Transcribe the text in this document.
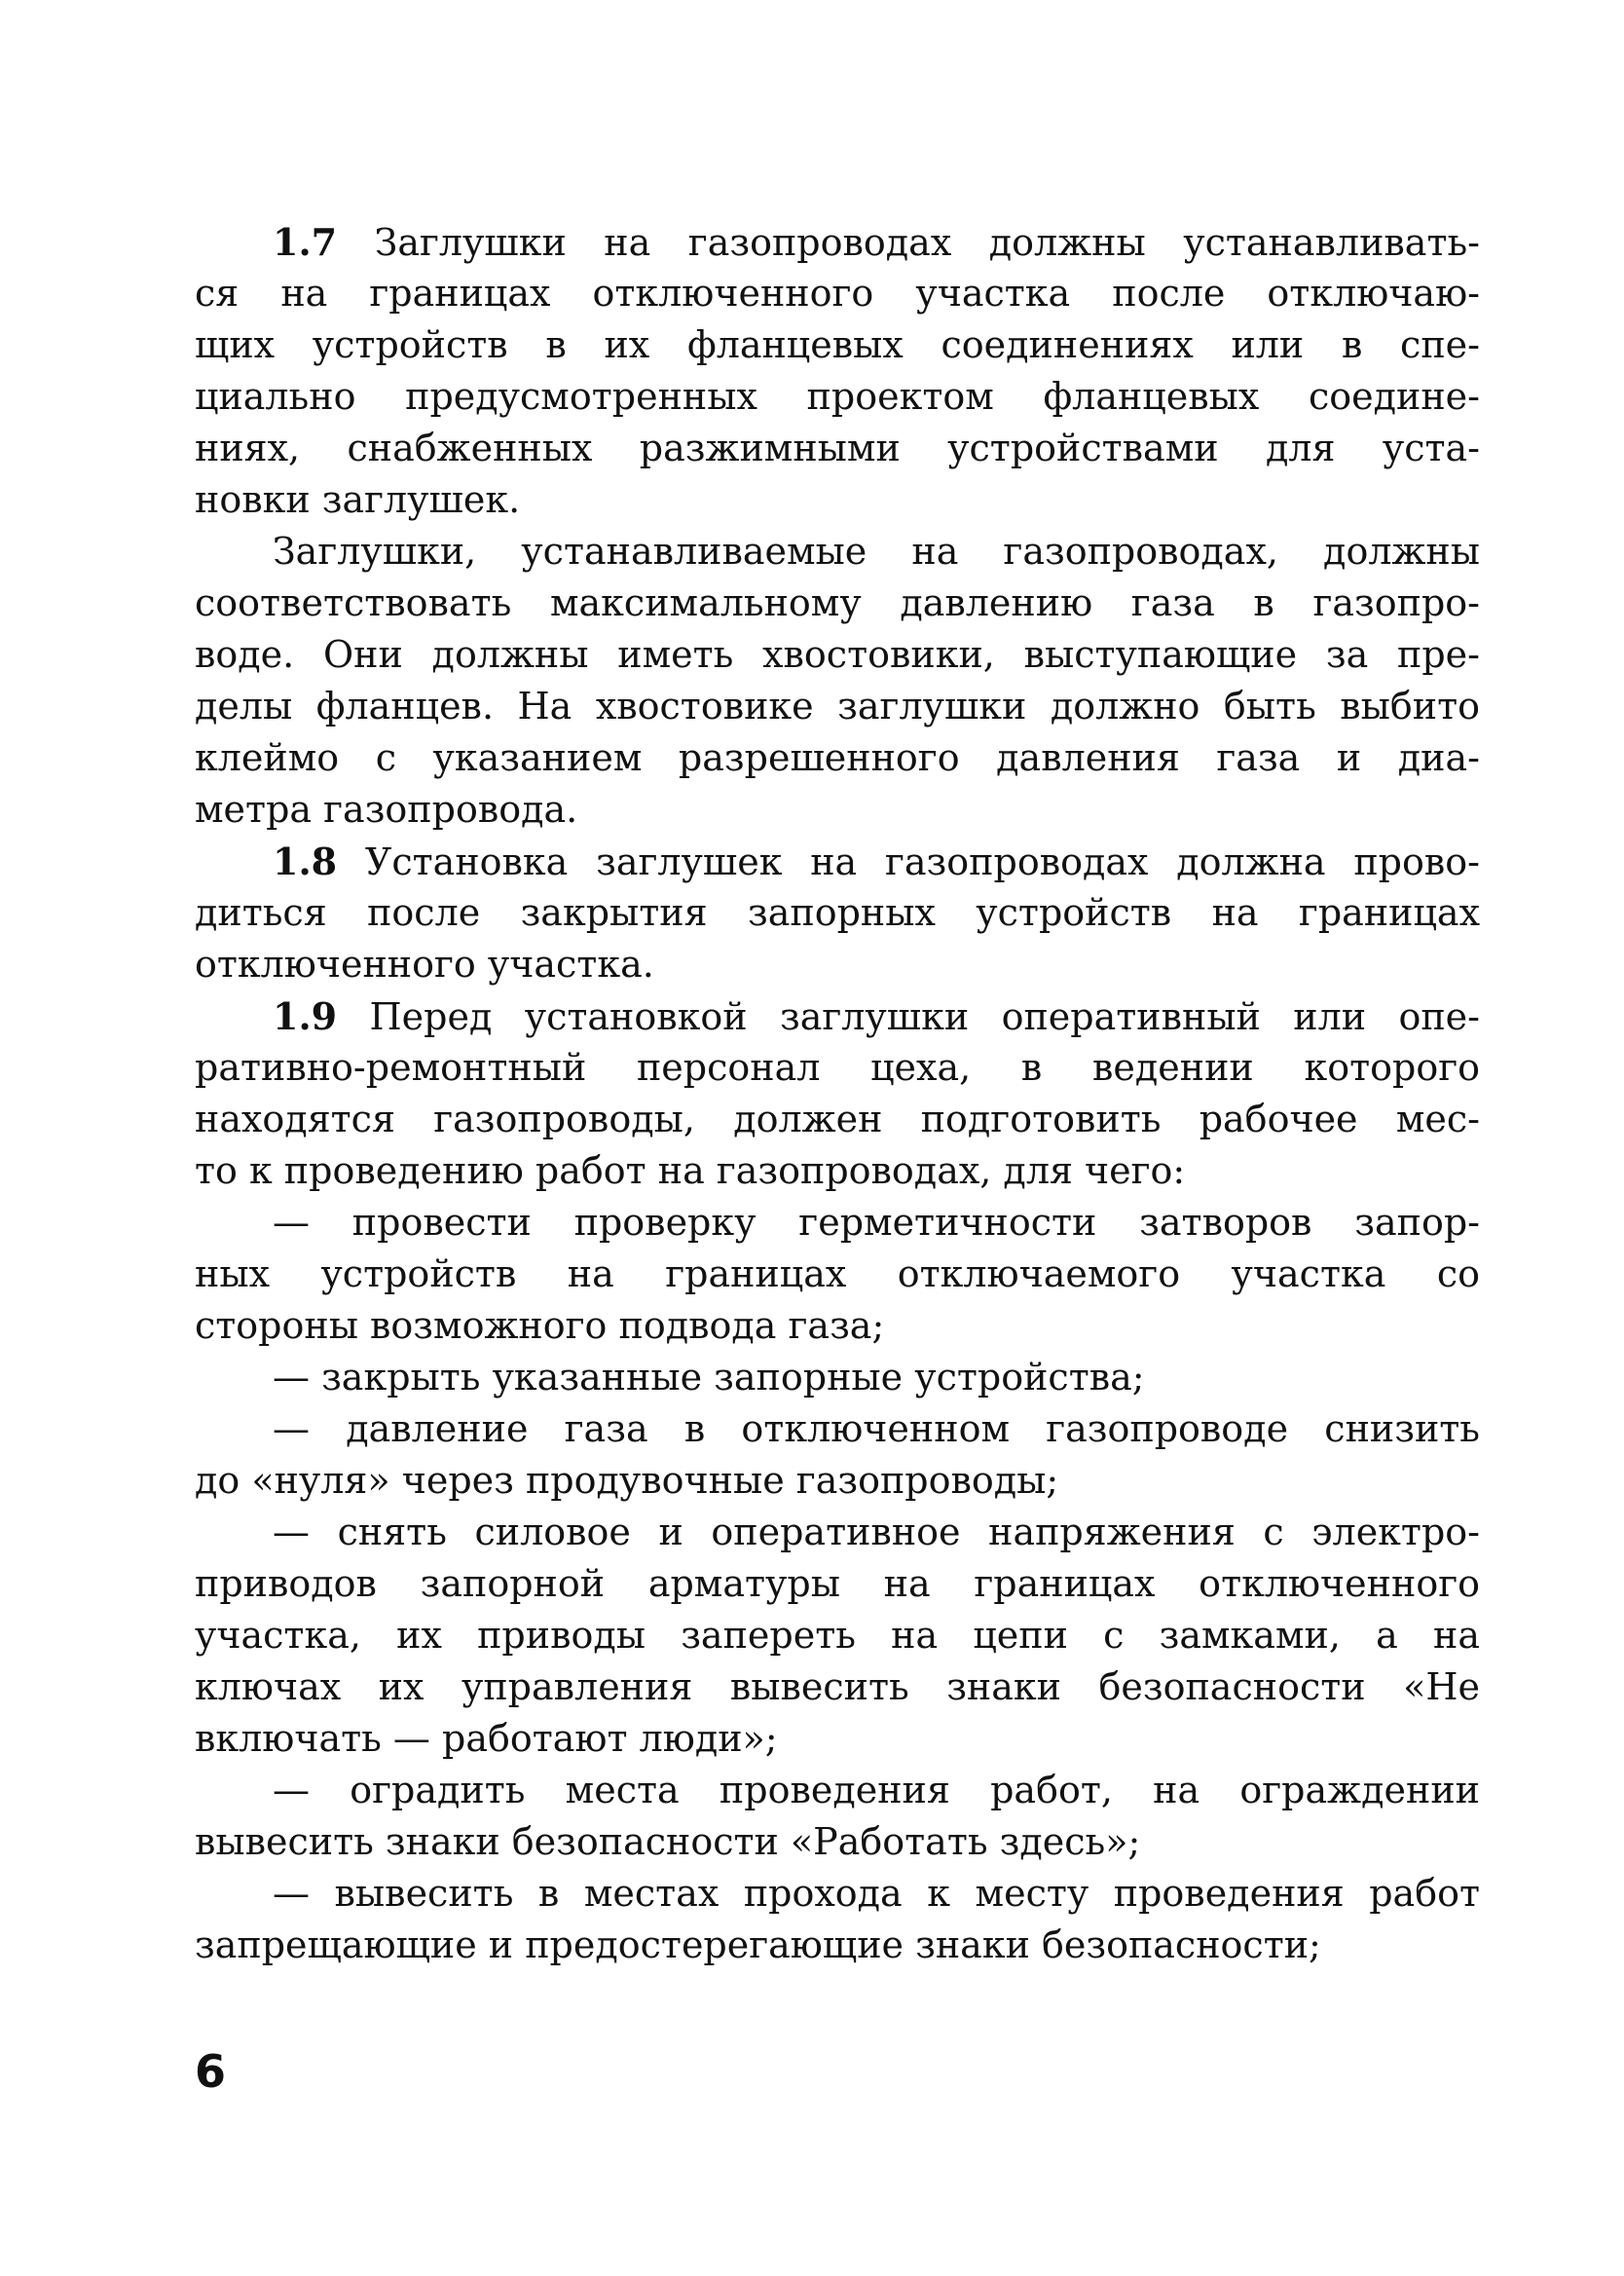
1.7 Заглушки на газопроводах должны устанавливать-
ся на границах отключенного участка после отключаю-
щих устройств в их фланцевых соединениях или в спе-
циально предусмотренных проектом фланцевых соедине-
ниях, снабженных разжимными устройствами для уста-
новки заглушек.
Заглушки, устанавливаемые на газопроводах, должны
соответствовать максимальному давлению газа в газопро-
воде. Они должны иметь хвостовики, выступающие за пре-
делы фланцев. На хвостовике заглушки должно быть выбито
клеймо с указанием разрешенного давления газа и диа-
метра газопровода.
1.8 Установка заглушек на газопроводах должна прово-
диться после закрытия запорных устройств на границах
отключенного участка.
1.9 Перед установкой заглушки оперативный или опе-
ративно-ремонтный персонал цеха, в ведении которого
находятся газопроводы, должен подготовить рабочее мес-
то к проведению работ на газопроводах, для чего:
— провести проверку герметичности затворов запор-
ных устройств на границах отключаемого участка со
стороны возможного подвода газа;
— закрыть указанные запорные устройства;
— давление газа в отключенном газопроводе снизить
до «нуля» через продувочные газопроводы;
— снять силовое и оперативное напряжения с электро-
приводов запорной арматуры на границах отключенного
участка, их приводы запереть на цепи с замками, а на
ключах их управления вывесить знаки безопасности «Не
включать — работают люди»;
— оградить места проведения работ, на ограждении
вывесить знаки безопасности «Работать здесь»;
— вывесить в местах прохода к месту проведения работ
запрещающие и предостерегающие знаки безопасности;
6
